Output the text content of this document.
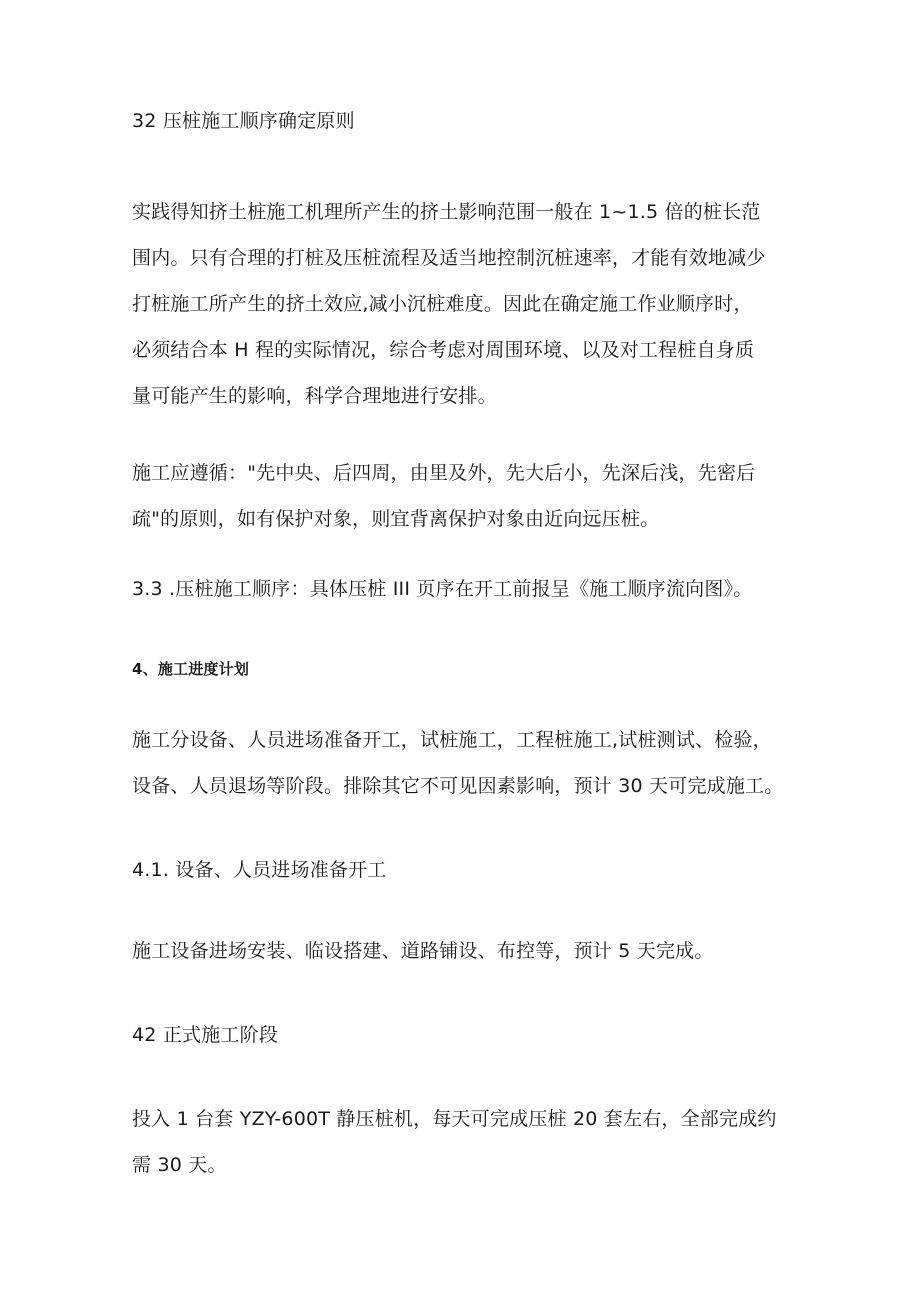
32 压桩施工顺序确定原则

实践得知挤土桩施工机理所产生的挤土影响范围一般在 1~1.5 倍的桩长范
围内。只有合理的打桩及压桩流程及适当地控制沉桩速率，才能有效地减少
打桩施工所产生的挤土效应,减小沉桩难度。因此在确定施工作业顺序时，
必须结合本 H 程的实际情况，综合考虑对周围环境、以及对工程桩自身质
量可能产生的影响，科学合理地进行安排。
施工应遵循："先中央、后四周，由里及外，先大后小，先深后浅，先密后
疏"的原则，如有保护对象，则宜背离保护对象由近向远压桩。

3.3 .压桩施工顺序：具体压桩 III 页序在开工前报呈《施工顺序流向图》。

4、施工进度计划

施工分设备、人员进场准备开工，试桩施工，工程桩施工,试桩测试、检验，
设备、人员退场等阶段。排除其它不可见因素影响，预计 30 天可完成施工。

4.1. 设备、人员进场准备开工

施工设备进场安装、临设搭建、道路铺设、布控等，预计 5 天完成。

42 正式施工阶段

投入 1 台套 YZY-600T 静压桩机，每天可完成压桩 20 套左右，全部完成约
需 30 天。
